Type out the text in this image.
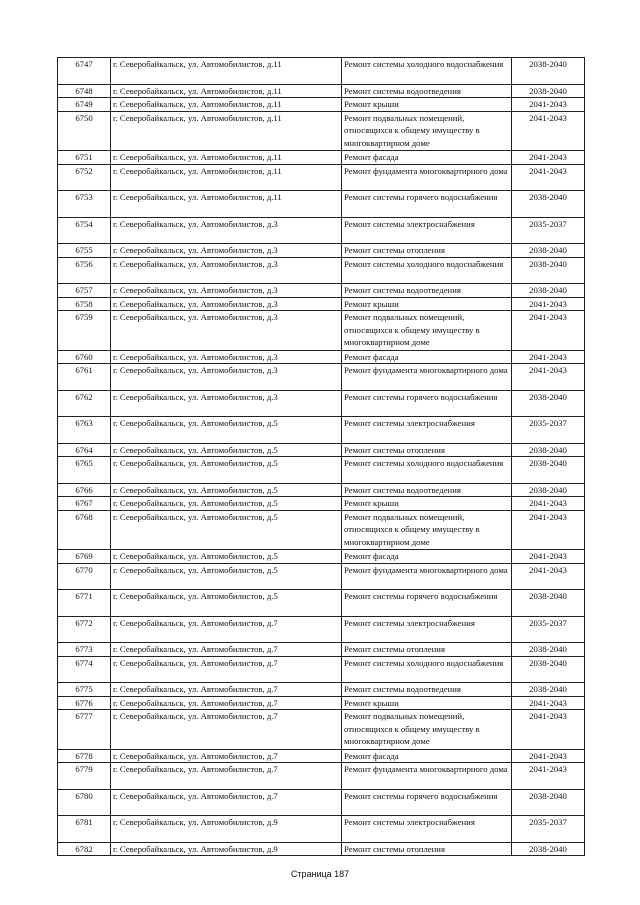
6747	г. Северобайкальск, ул. Автомобилистов, д.11	Ремонт системы холодного водоснабжения	2038-2040
6748	г. Северобайкальск, ул. Автомобилистов, д.11	Ремонт системы водоотведения	2038-2040
6749	г. Северобайкальск, ул. Автомобилистов, д.11	Ремонт крыши	2041-2043
6750	г. Северобайкальск, ул. Автомобилистов, д.11	Ремонт подвальных помещений, относящихся к общему имуществу в многоквартирном доме	2041-2043
6751	г. Северобайкальск, ул. Автомобилистов, д.11	Ремонт фасада	2041-2043
6752	г. Северобайкальск, ул. Автомобилистов, д.11	Ремонт фундамента многоквартирного дома	2041-2043
6753	г. Северобайкальск, ул. Автомобилистов, д.11	Ремонт системы горячего водоснабжения	2038-2040
6754	г. Северобайкальск, ул. Автомобилистов, д.3	Ремонт системы электроснабжения	2035-2037
6755	г. Северобайкальск, ул. Автомобилистов, д.3	Ремонт системы отопления	2038-2040
6756	г. Северобайкальск, ул. Автомобилистов, д.3	Ремонт системы холодного водоснабжения	2038-2040
6757	г. Северобайкальск, ул. Автомобилистов, д.3	Ремонт системы водоотведения	2038-2040
6758	г. Северобайкальск, ул. Автомобилистов, д.3	Ремонт крыши	2041-2043
6759	г. Северобайкальск, ул. Автомобилистов, д.3	Ремонт подвальных помещений, относящихся к общему имуществу в многоквартирном доме	2041-2043
6760	г. Северобайкальск, ул. Автомобилистов, д.3	Ремонт фасада	2041-2043
6761	г. Северобайкальск, ул. Автомобилистов, д.3	Ремонт фундамента многоквартирного дома	2041-2043
6762	г. Северобайкальск, ул. Автомобилистов, д.3	Ремонт системы горячего водоснабжения	2038-2040
6763	г. Северобайкальск, ул. Автомобилистов, д.5	Ремонт системы электроснабжения	2035-2037
6764	г. Северобайкальск, ул. Автомобилистов, д.5	Ремонт системы отопления	2038-2040
6765	г. Северобайкальск, ул. Автомобилистов, д.5	Ремонт системы холодного водоснабжения	2038-2040
6766	г. Северобайкальск, ул. Автомобилистов, д.5	Ремонт системы водоотведения	2038-2040
6767	г. Северобайкальск, ул. Автомобилистов, д.5	Ремонт крыши	2041-2043
6768	г. Северобайкальск, ул. Автомобилистов, д.5	Ремонт подвальных помещений, относящихся к общему имуществу в многоквартирном доме	2041-2043
6769	г. Северобайкальск, ул. Автомобилистов, д.5	Ремонт фасада	2041-2043
6770	г. Северобайкальск, ул. Автомобилистов, д.5	Ремонт фундамента многоквартирного дома	2041-2043
6771	г. Северобайкальск, ул. Автомобилистов, д.5	Ремонт системы горячего водоснабжения	2038-2040
6772	г. Северобайкальск, ул. Автомобилистов, д.7	Ремонт системы электроснабжения	2035-2037
6773	г. Северобайкальск, ул. Автомобилистов, д.7	Ремонт системы отопления	2038-2040
6774	г. Северобайкальск, ул. Автомобилистов, д.7	Ремонт системы холодного водоснабжения	2038-2040
6775	г. Северобайкальск, ул. Автомобилистов, д.7	Ремонт системы водоотведения	2038-2040
6776	г. Северобайкальск, ул. Автомобилистов, д.7	Ремонт крыши	2041-2043
6777	г. Северобайкальск, ул. Автомобилистов, д.7	Ремонт подвальных помещений, относящихся к общему имуществу в многоквартирном доме	2041-2043
6778	г. Северобайкальск, ул. Автомобилистов, д.7	Ремонт фасада	2041-2043
6779	г. Северобайкальск, ул. Автомобилистов, д.7	Ремонт фундамента многоквартирного дома	2041-2043
6780	г. Северобайкальск, ул. Автомобилистов, д.7	Ремонт системы горячего водоснабжения	2038-2040
6781	г. Северобайкальск, ул. Автомобилистов, д.9	Ремонт системы электроснабжения	2035-2037
6782	г. Северобайкальск, ул. Автомобилистов, д.9	Ремонт системы отопления	2038-2040
Страница 187
